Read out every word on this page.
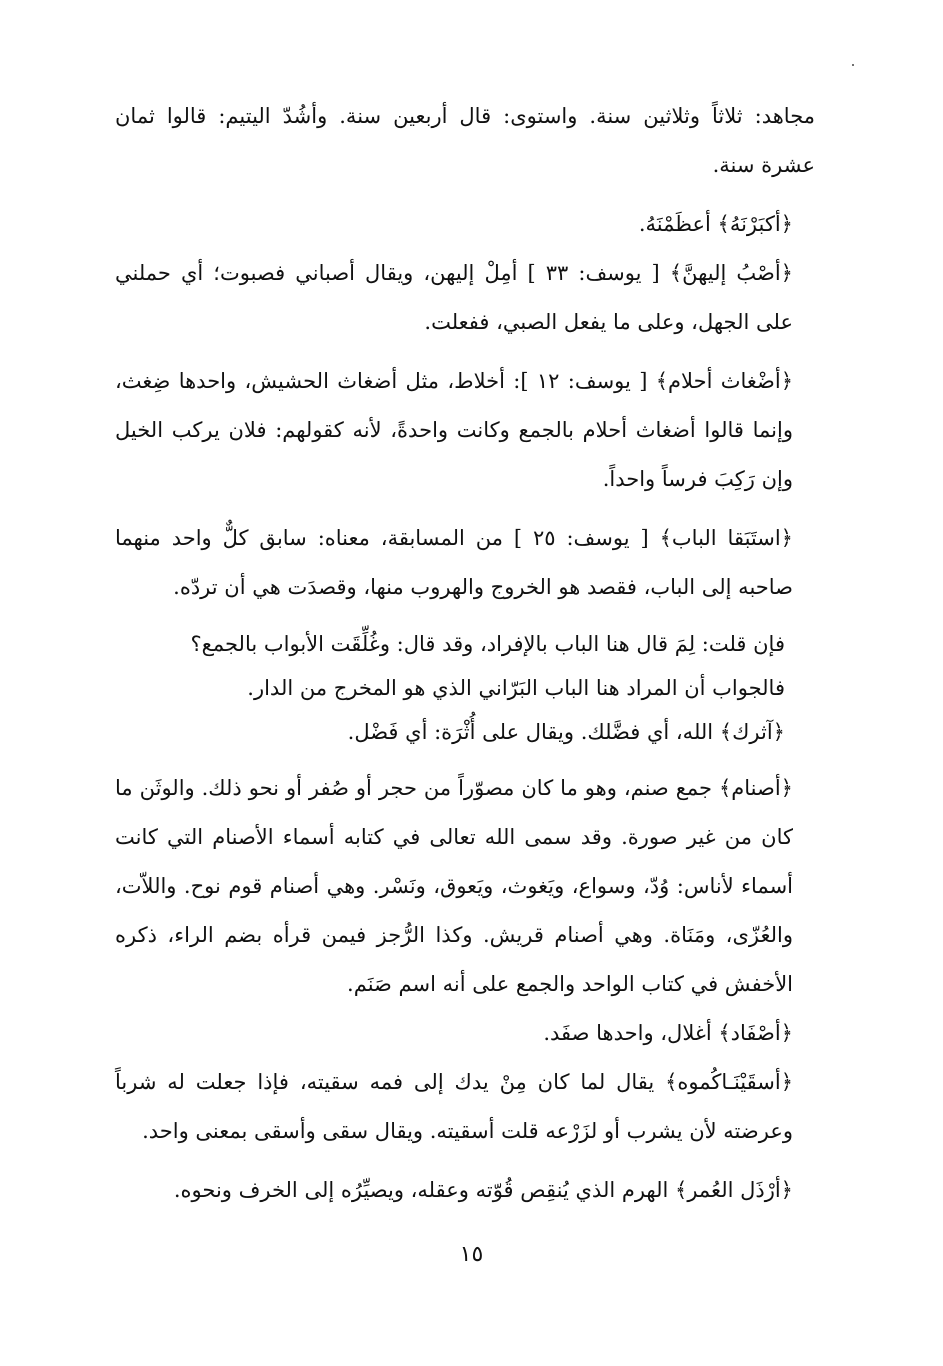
مجاهد: ثلاثاً وثلاثين سنة. واستوى: قال أربعين سنة. وأشُدّ اليتيم: قالوا ثمان عشرة سنة.

﴿أكبَرْنَهُ﴾ أعظَمْنَهُ.

﴿أصْبُ إليهنَّ﴾ [ يوسف: ٣٣ ] أمِلْ إليهن، ويقال أصباني فصبوت؛ أي حملني على الجهل، وعلى ما يفعل الصبي، ففعلت.

﴿أضْغاث أحلام﴾ [ يوسف: ١٢ ]: أخلاط، مثل أضغاث الحشيش، واحدها ضِغث، وإنما قالوا أضغاث أحلام بالجمع وكانت واحدةً، لأنه كقولهم: فلان يركب الخيل وإن رَكِبَ فرساً واحداً.

﴿استَبَقا الباب﴾ [ يوسف: ٢٥ ] من المسابقة، معناه: سابق كلٌّ واحد منهما صاحبه إلى الباب، فقصد هو الخروج والهروب منها، وقصدَت هي أن تردّه.

فإن قلت: لِمَ قال هنا الباب بالإفراد، وقد قال: وغُلِّقَت الأبواب بالجمع؟

فالجواب أن المراد هنا الباب البَرّاني الذي هو المخرج من الدار.

﴿آثرك﴾ الله، أي فضَّلك. ويقال على أُثْرَة: أي فَضْل.

﴿أصنام﴾ جمع صنم، وهو ما كان مصوّراً من حجر أو صُفر أو نحو ذلك. والوثَن ما كان من غير صورة. وقد سمى الله تعالى في كتابه أسماء الأصنام التي كانت أسماء لأناس: وُدّ، وسواع، ويَغوث، ويَعوق، ونَسْر. وهي أصنام قوم نوح. واللاّت، والعُزّى، ومَنَاة. وهي أصنام قريش. وكذا الرُّجز فيمن قرأه بضم الراء، ذكره الأخفش في كتاب الواحد والجمع على أنه اسم صَنَم.

﴿أصْفَاد﴾ أغلال، واحدها صفَد.

﴿أسقَيْنَـاكُموه﴾ يقال لما كان مِنْ يدك إلى فمه سقيته، فإذا جعلت له شرباً وعرضته لأن يشرب أو لزَرْعه قلت أسقيته. ويقال سقى وأسقى بمعنى واحد.

﴿أرْذَل العُمر﴾ الهرم الذي يُنقِص قُوّته وعقله، ويصيِّرُه إلى الخرف ونحوه.

١٥
